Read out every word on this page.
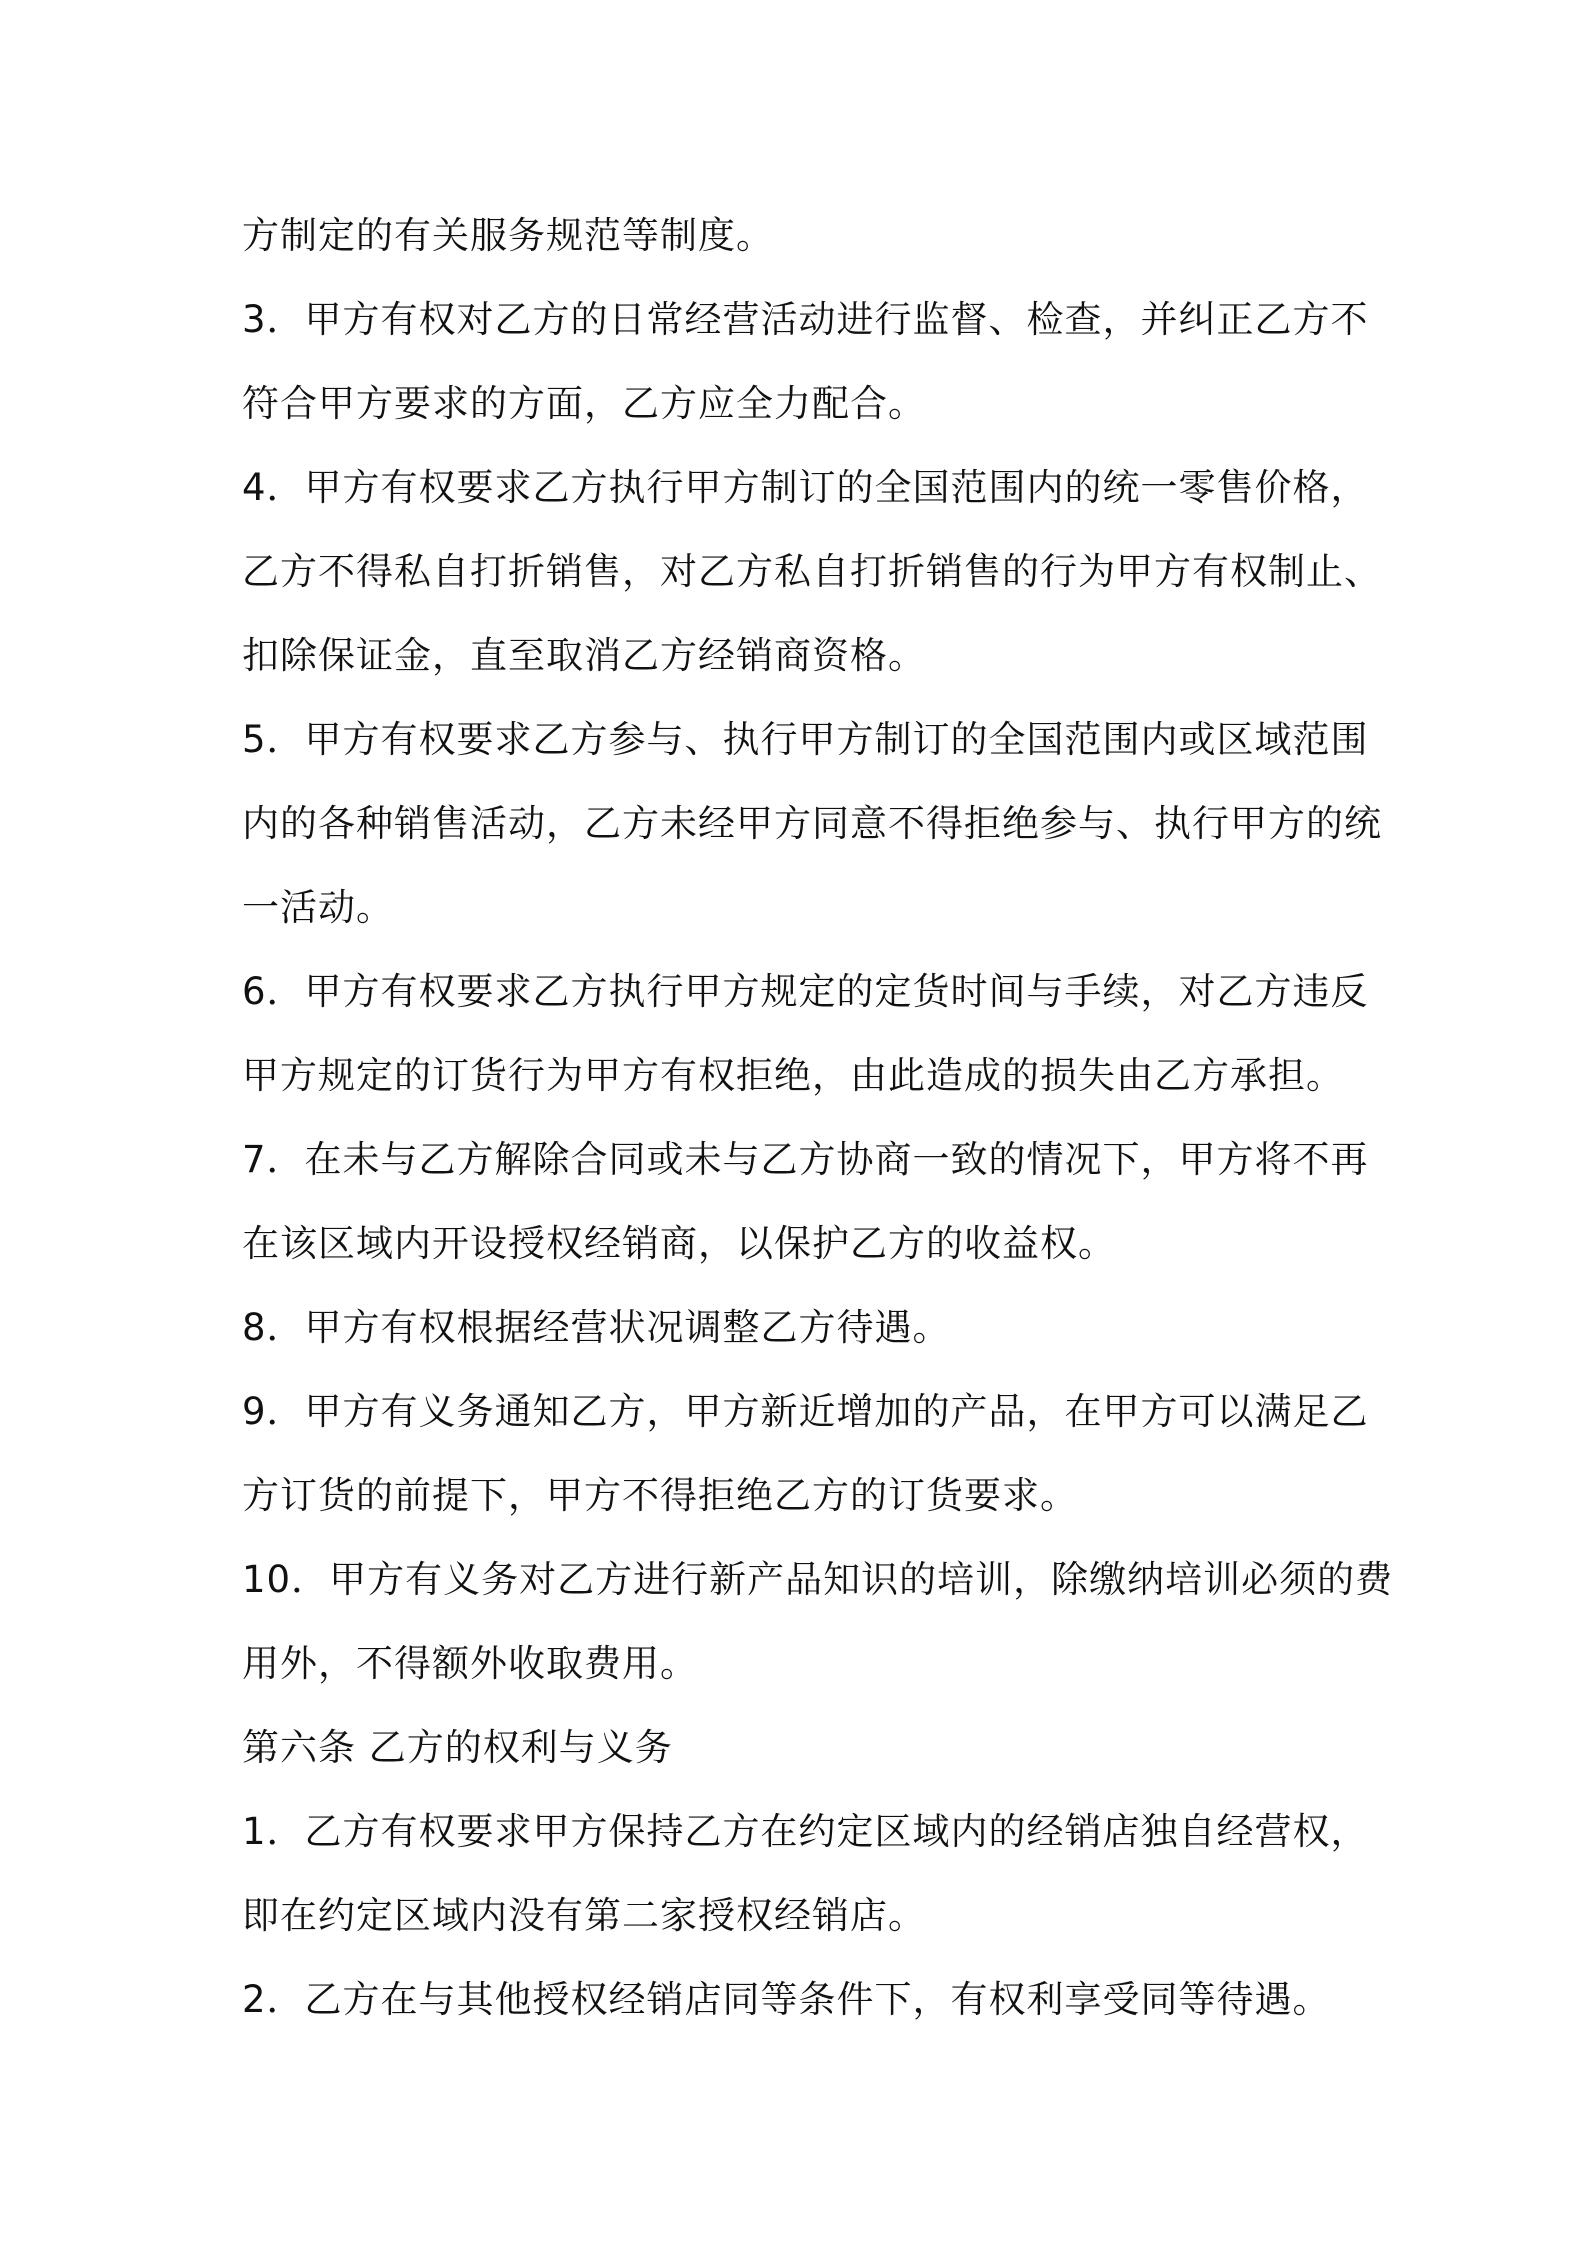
方制定的有关服务规范等制度。
3．甲方有权对乙方的日常经营活动进行监督、检查，并纠正乙方不
符合甲方要求的方面，乙方应全力配合。
4．甲方有权要求乙方执行甲方制订的全国范围内的统一零售价格，
乙方不得私自打折销售，对乙方私自打折销售的行为甲方有权制止、
扣除保证金，直至取消乙方经销商资格。
5．甲方有权要求乙方参与、执行甲方制订的全国范围内或区域范围
内的各种销售活动，乙方未经甲方同意不得拒绝参与、执行甲方的统
一活动。
6．甲方有权要求乙方执行甲方规定的定货时间与手续，对乙方违反
甲方规定的订货行为甲方有权拒绝，由此造成的损失由乙方承担。
7．在未与乙方解除合同或未与乙方协商一致的情况下，甲方将不再
在该区域内开设授权经销商，以保护乙方的收益权。
8．甲方有权根据经营状况调整乙方待遇。
9．甲方有义务通知乙方，甲方新近增加的产品，在甲方可以满足乙
方订货的前提下，甲方不得拒绝乙方的订货要求。
10．甲方有义务对乙方进行新产品知识的培训，除缴纳培训必须的费
用外，不得额外收取费用。
第六条 乙方的权利与义务
1．乙方有权要求甲方保持乙方在约定区域内的经销店独自经营权，
即在约定区域内没有第二家授权经销店。
2．乙方在与其他授权经销店同等条件下，有权利享受同等待遇。
